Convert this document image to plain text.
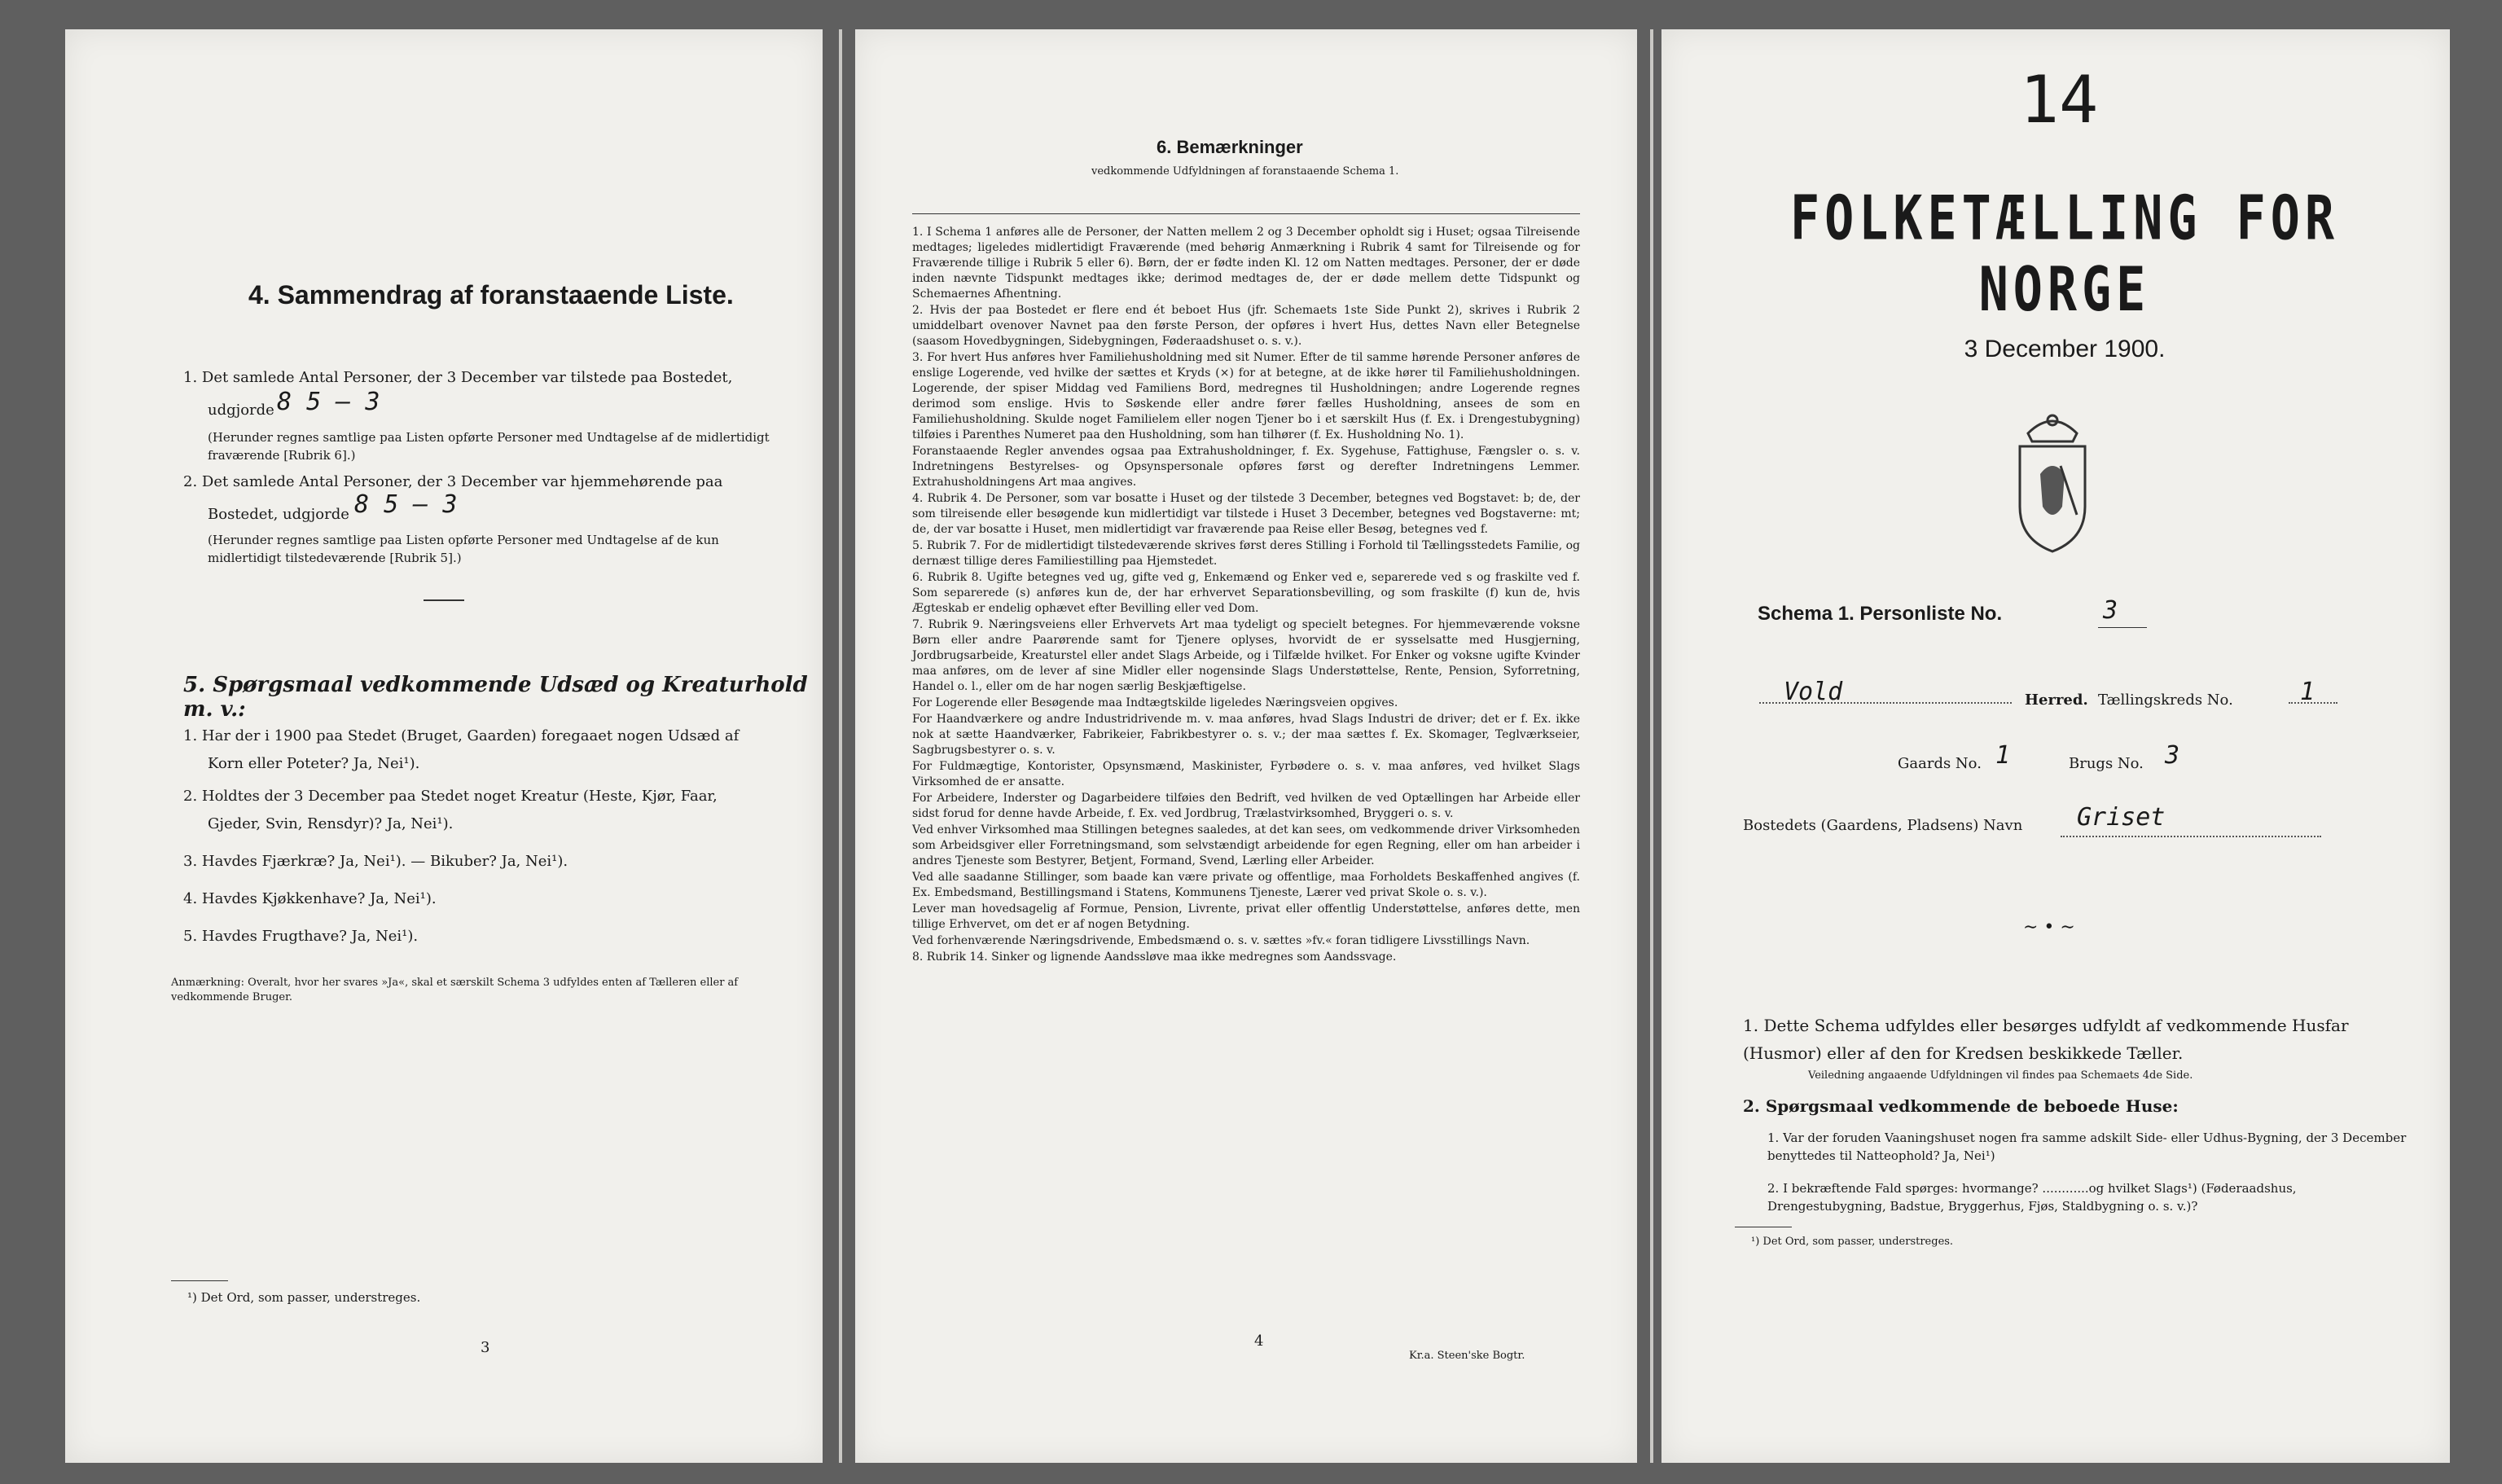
4. Sammendrag af foranstaaende Liste.
1. Det samlede Antal Personer, der 3 December var tilstede paa Bostedet,
udgjorde 8 5 – 3
(Herunder regnes samtlige paa Listen opførte Personer med Undtagelse af de midlertidigt fraværende [Rubrik 6].)
2. Det samlede Antal Personer, der 3 December var hjemmehørende paa
Bostedet, udgjorde 8 5 – 3
(Herunder regnes samtlige paa Listen opførte Personer med Undtagelse af de kun midlertidigt tilstedeværende [Rubrik 5].)
5. Spørgsmaal vedkommende Udsæd og Kreaturhold m. v.:
1. Har der i 1900 paa Stedet (Bruget, Gaarden) foregaaet nogen Udsæd af
Korn eller Poteter? Ja, Nei¹).
2. Holdtes der 3 December paa Stedet noget Kreatur (Heste, Kjør, Faar,
Gjeder, Svin, Rensdyr)? Ja, Nei¹).
3. Havdes Fjærkræ? Ja, Nei¹). — Bikuber? Ja, Nei¹).
4. Havdes Kjøkkenhave? Ja, Nei¹).
5. Havdes Frugthave? Ja, Nei¹).
Anmærkning: Overalt, hvor her svares »Ja«, skal et særskilt Schema 3 udfyldes enten af Tælleren eller af vedkommende Bruger.
¹) Det Ord, som passer, understreges.
3
6. Bemærkninger
vedkommende Udfyldningen af foranstaaende Schema 1.

1. I Schema 1 anføres alle de Personer, der Natten mellem 2 og 3 December opholdt sig i Huset; ogsaa Tilreisende medtages; ligeledes midlertidigt Fraværende (med behørig Anmærkning i Rubrik 4 samt for Tilreisende og for Fraværende tillige i Rubrik 5 eller 6). Børn, der er fødte inden Kl. 12 om Natten medtages. Personer, der er døde inden nævnte Tidspunkt medtages ikke; derimod medtages de, der er døde mellem dette Tidspunkt og Schemaernes Afhentning.

2. Hvis der paa Bostedet er flere end ét beboet Hus (jfr. Schemaets 1ste Side Punkt 2), skrives i Rubrik 2 umiddelbart ovenover Navnet paa den første Person, der opføres i hvert Hus, dettes Navn eller Betegnelse (saasom Hovedbygningen, Sidebygningen, Føderaadshuset o. s. v.).

3. For hvert Hus anføres hver Familiehusholdning med sit Numer. Efter de til samme hørende Personer anføres de enslige Logerende, ved hvilke der sættes et Kryds (×) for at betegne, at de ikke hører til Familiehusholdningen. Logerende, der spiser Middag ved Familiens Bord, medregnes til Husholdningen; andre Logerende regnes derimod som enslige. Hvis to Søskende eller andre fører fælles Husholdning, ansees de som en Familiehusholdning. Skulde noget Familielem eller nogen Tjener bo i et særskilt Hus (f. Ex. i Drengestubygning) tilføies i Parenthes Numeret paa den Husholdning, som han tilhører (f. Ex. Husholdning No. 1).

Foranstaaende Regler anvendes ogsaa paa Extrahusholdninger, f. Ex. Sygehuse, Fattighuse, Fængsler o. s. v. Indretningens Bestyrelses- og Opsynspersonale opføres først og derefter Indretningens Lemmer. Extrahusholdningens Art maa angives.

4. Rubrik 4. De Personer, som var bosatte i Huset og der tilstede 3 December, betegnes ved Bogstavet: b; de, der som tilreisende eller besøgende kun midlertidigt var tilstede i Huset 3 December, betegnes ved Bogstaverne: mt; de, der var bosatte i Huset, men midlertidigt var fraværende paa Reise eller Besøg, betegnes ved f.

5. Rubrik 7. For de midlertidigt tilstedeværende skrives først deres Stilling i Forhold til Tællingsstedets Familie, og dernæst tillige deres Familiestilling paa Hjemstedet.

6. Rubrik 8. Ugifte betegnes ved ug, gifte ved g, Enkemænd og Enker ved e, separerede ved s og fraskilte ved f. Som separerede (s) anføres kun de, der har erhvervet Separationsbevilling, og som fraskilte (f) kun de, hvis Ægteskab er endelig ophævet efter Bevilling eller ved Dom.

7. Rubrik 9. Næringsveiens eller Erhvervets Art maa tydeligt og specielt betegnes. For hjemmeværende voksne Børn eller andre Paarørende samt for Tjenere oplyses, hvorvidt de er sysselsatte med Husgjerning, Jordbrugsarbeide, Kreaturstel eller andet Slags Arbeide, og i Tilfælde hvilket. For Enker og voksne ugifte Kvinder maa anføres, om de lever af sine Midler eller nogensinde Slags Understøttelse, Rente, Pension, Syforretning, Handel o. l., eller om de har nogen særlig Beskjæftigelse.

For Logerende eller Besøgende maa Indtægtskilde ligeledes Næringsveien opgives.

For Haandværkere og andre Industridrivende m. v. maa anføres, hvad Slags Industri de driver; det er f. Ex. ikke nok at sætte Haandværker, Fabrikeier, Fabrikbestyrer o. s. v.; der maa sættes f. Ex. Skomager, Teglværkseier, Sagbrugsbestyrer o. s. v.

For Fuldmægtige, Kontorister, Opsynsmænd, Maskinister, Fyrbødere o. s. v. maa anføres, ved hvilket Slags Virksomhed de er ansatte.

For Arbeidere, Inderster og Dagarbeidere tilføies den Bedrift, ved hvilken de ved Optællingen har Arbeide eller sidst forud for denne havde Arbeide, f. Ex. ved Jordbrug, Trælastvirksomhed, Bryggeri o. s. v.

Ved enhver Virksomhed maa Stillingen betegnes saaledes, at det kan sees, om vedkommende driver Virksomheden som Arbeidsgiver eller Forretningsmand, som selvstændigt arbeidende for egen Regning, eller om han arbeider i andres Tjeneste som Bestyrer, Betjent, Formand, Svend, Lærling eller Arbeider.

Ved alle saadanne Stillinger, som baade kan være private og offentlige, maa Forholdets Beskaffenhed angives (f. Ex. Embedsmand, Bestillingsmand i Statens, Kommunens Tjeneste, Lærer ved privat Skole o. s. v.).

Lever man hovedsagelig af Formue, Pension, Livrente, privat eller offentlig Understøttelse, anføres dette, men tillige Erhvervet, om det er af nogen Betydning.

Ved forhenværende Næringsdrivende, Embedsmænd o. s. v. sættes »fv.« foran tidligere Livsstillings Navn.

8. Rubrik 14. Sinker og lignende Aandssløve maa ikke medregnes som Aandssvage.

4
Kr.a. Steen'ske Bogtr.
14
FOLKETÆLLING FOR NORGE
3 December 1900.
Schema 1. Personliste No.	3
Vold	Herred. Tællingskreds No.	1
Gaards No. 1	Brugs No. 3
Bostedets (Gaardens, Pladsens) Navn Griset
∼ • ∼
1. Dette Schema udfyldes eller besørges udfyldt af vedkommende Husfar (Husmor) eller af den for Kredsen beskikkede Tæller.
Veiledning angaaende Udfyldningen vil findes paa Schemaets 4de Side.
2. Spørgsmaal vedkommende de beboede Huse:
1. Var der foruden Vaaningshuset nogen fra samme adskilt Side- eller Udhus-Bygning, der 3 December benyttedes til Natteophold? Ja, Nei¹)
2. I bekræftende Fald spørges: hvormange? ............og hvilket Slags¹) (Føderaadshus, Drengestubygning, Badstue, Bryggerhus, Fjøs, Staldbygning o. s. v.)?
¹) Det Ord, som passer, understreges.
